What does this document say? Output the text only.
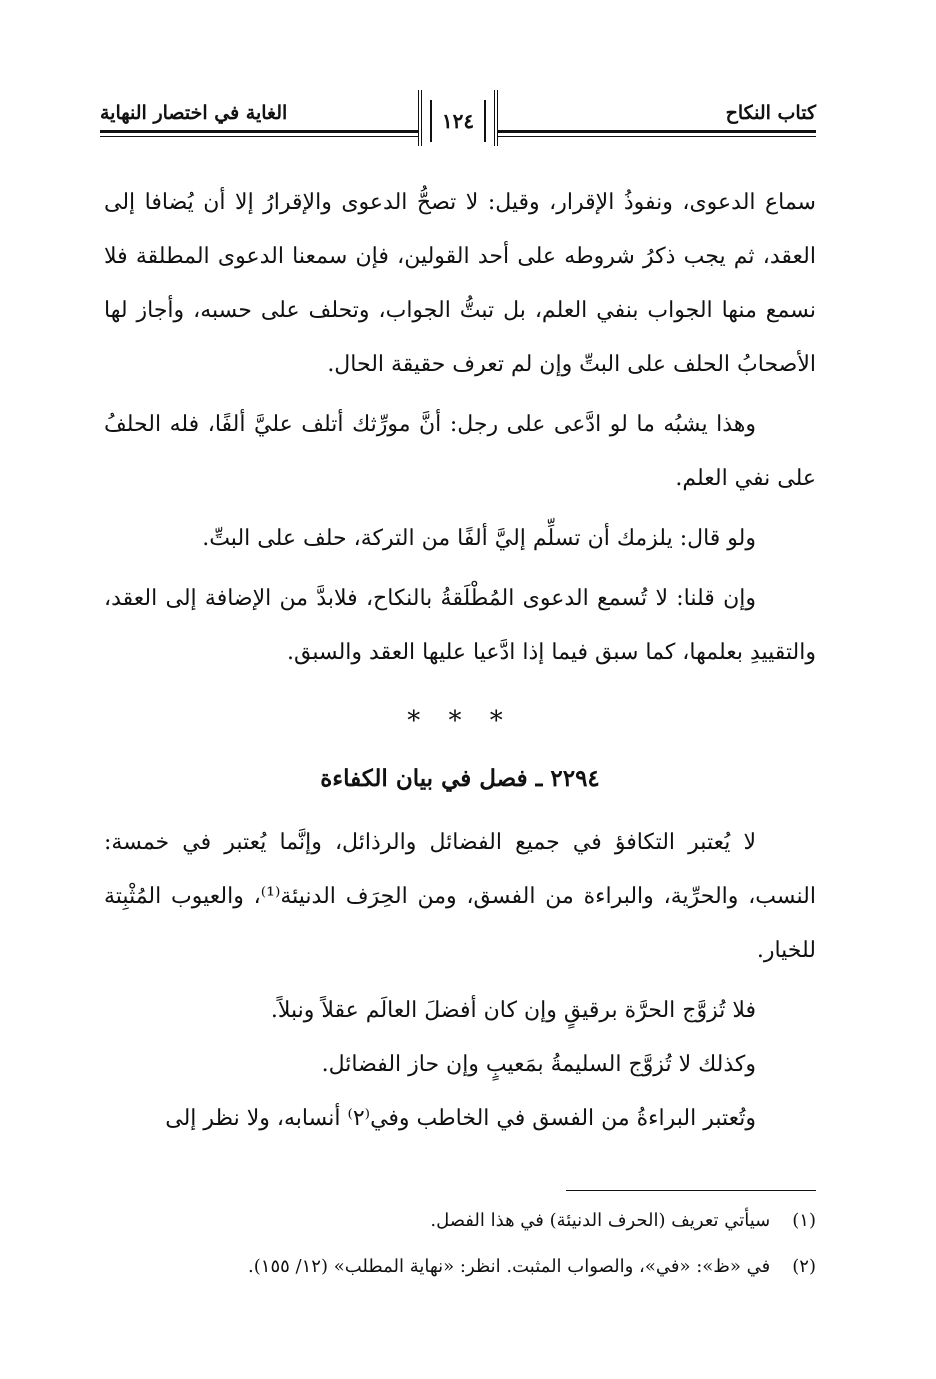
كتاب النكاح
الغاية في اختصار النهاية	١٢٤

سماع الدعوى، ونفوذُ الإقرار، وقيل: لا تصحُّ الدعوى والإقرارُ إلا أن يُضافا إلى العقد، ثم يجب ذكرُ شروطه على أحد القولين، فإن سمعنا الدعوى المطلقة فلا نسمع منها الجواب بنفي العلم، بل تبتُّ الجواب، وتحلف على حسبه، وأجاز لها الأصحابُ الحلف على البتِّ وإن لم تعرف حقيقة الحال.

وهذا يشبُه ما لو ادَّعى على رجل: أنَّ مورِّثك أتلف عليَّ ألفًا، فله الحلفُ على نفي العلم.

ولو قال: يلزمك أن تسلِّم إليَّ ألفًا من التركة، حلف على البتِّ.

وإن قلنا: لا تُسمع الدعوى المُطْلَقةُ بالنكاح، فلابدَّ من الإضافة إلى العقد، والتقييدِ بعلمها، كما سبق فيما إذا ادَّعيا عليها العقد والسبق.

* * *

٢٢٩٤ ـ فصل في بيان الكفاءة

لا يُعتبر التكافؤ في جميع الفضائل والرذائل، وإنَّما يُعتبر في خمسة: النسب، والحرِّية، والبراءة من الفسق، ومن الحِرَف الدنيئة⁽¹⁾، والعيوب المُثْبِتة للخيار.

فلا تُزوَّج الحرَّة برقيقٍ وإن كان أفضلَ العالَم عقلاً ونبلاً.

وكذلك لا تُزوَّج السليمةُ بمَعيبٍ وإن حاز الفضائل.

وتُعتبر البراءةُ من الفسق في الخاطب وفي⁽٢⁾ أنسابه، ولا نظر إلى

(١) سيأتي تعريف (الحرف الدنيئة) في هذا الفصل.

(٢) في «ظ»: «في»، والصواب المثبت. انظر: «نهاية المطلب» (١٢/ ١٥٥).
